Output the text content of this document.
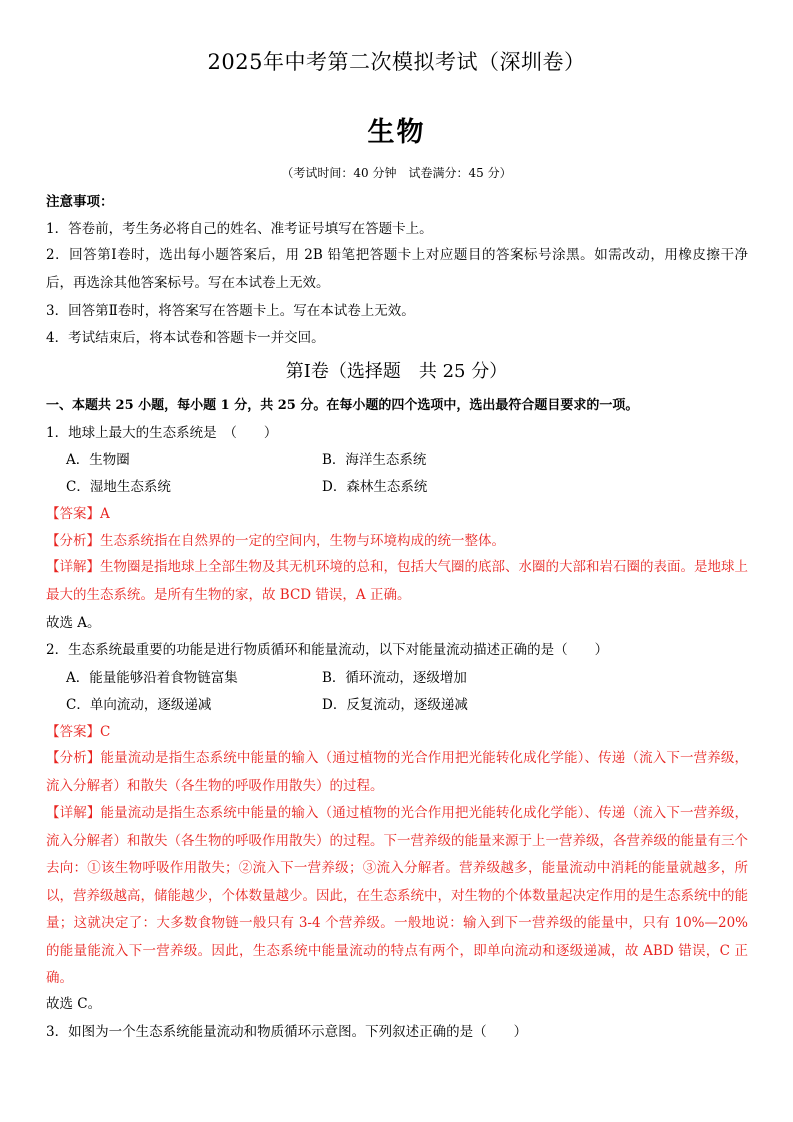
2025年中考第二次模拟考试（深圳卷）
生物
（考试时间：40 分钟　试卷满分：45 分）
注意事项：
1．答卷前，考生务必将自己的姓名、准考证号填写在答题卡上。
2．回答第Ⅰ卷时，选出每小题答案后，用 2B 铅笔把答题卡上对应题目的答案标号涂黑。如需改动，用橡皮擦干净后，再选涂其他答案标号。写在本试卷上无效。
3．回答第Ⅱ卷时，将答案写在答题卡上。写在本试卷上无效。
4．考试结束后，将本试卷和答题卡一并交回。
第Ⅰ卷（选择题　共 25 分）
一、本题共 25 小题，每小题 1 分，共 25 分。在每小题的四个选项中，选出最符合题目要求的一项。
1．地球上最大的生态系统是　（　　）
A．生物圈	B．海洋生态系统
C．湿地生态系统	D．森林生态系统
【答案】A
【分析】生态系统指在自然界的一定的空间内，生物与环境构成的统一整体。
【详解】生物圈是指地球上全部生物及其无机环境的总和，包括大气圈的底部、水圈的大部和岩石圈的表面。是地球上最大的生态系统。是所有生物的家，故 BCD 错误，A 正确。
故选 A。
2．生态系统最重要的功能是进行物质循环和能量流动，以下对能量流动描述正确的是（　　）
A．能量能够沿着食物链富集	B．循环流动，逐级增加
C．单向流动，逐级递减	D．反复流动，逐级递减
【答案】C
【分析】能量流动是指生态系统中能量的输入（通过植物的光合作用把光能转化成化学能）、传递（流入下一营养级，流入分解者）和散失（各生物的呼吸作用散失）的过程。
【详解】能量流动是指生态系统中能量的输入（通过植物的光合作用把光能转化成化学能）、传递（流入下一营养级，流入分解者）和散失（各生物的呼吸作用散失）的过程。下一营养级的能量来源于上一营养级，各营养级的能量有三个去向：①该生物呼吸作用散失；②流入下一营养级；③流入分解者。营养级越多，能量流动中消耗的能量就越多，所以，营养级越高，储能越少，个体数量越少。因此，在生态系统中，对生物的个体数量起决定作用的是生态系统中的能量；这就决定了：大多数食物链一般只有 3-4 个营养级。一般地说：输入到下一营养级的能量中，只有 10%—20%的能量能流入下一营养级。因此，生态系统中能量流动的特点有两个，即单向流动和逐级递减，故 ABD 错误，C 正确。
故选 C。
3．如图为一个生态系统能量流动和物质循环示意图。下列叙述正确的是（　　）
